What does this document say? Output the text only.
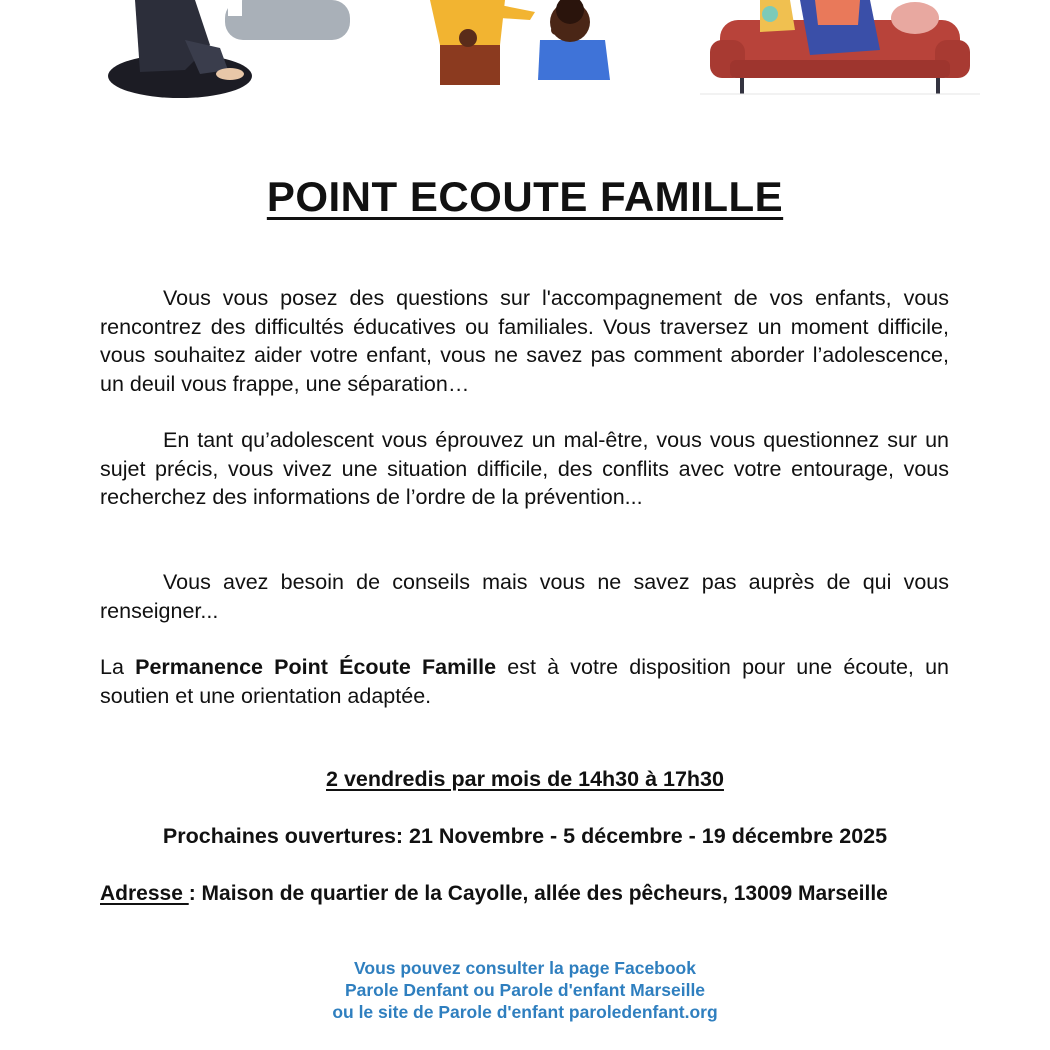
POINT ECOUTE FAMILLE

Vous vous posez des questions sur l'accompagnement de vos enfants, vous rencontrez des difficultés éducatives ou familiales. Vous traversez un moment difficile, vous souhaitez aider votre enfant, vous ne savez pas comment aborder l’adolescence, un deuil vous frappe, une séparation…

En tant qu’adolescent vous éprouvez un mal-être, vous vous questionnez sur un sujet précis, vous vivez une situation difficile, des conflits avec votre entourage, vous recherchez des informations de l’ordre de la prévention...

Vous avez besoin de conseils mais vous ne savez pas auprès de qui vous renseigner...

La Permanence Point Écoute Famille est à votre disposition pour une écoute, un soutien et une orientation adaptée.

2 vendredis par mois de 14h30 à 17h30
Prochaines ouvertures: 21 Novembre - 5 décembre - 19 décembre 2025
Adresse : Maison de quartier de la Cayolle, allée des pêcheurs, 13009 Marseille
Vous pouvez consulter la page Facebook
Parole Denfant ou Parole d'enfant Marseille
ou le site de Parole d'enfant paroledenfant.org
